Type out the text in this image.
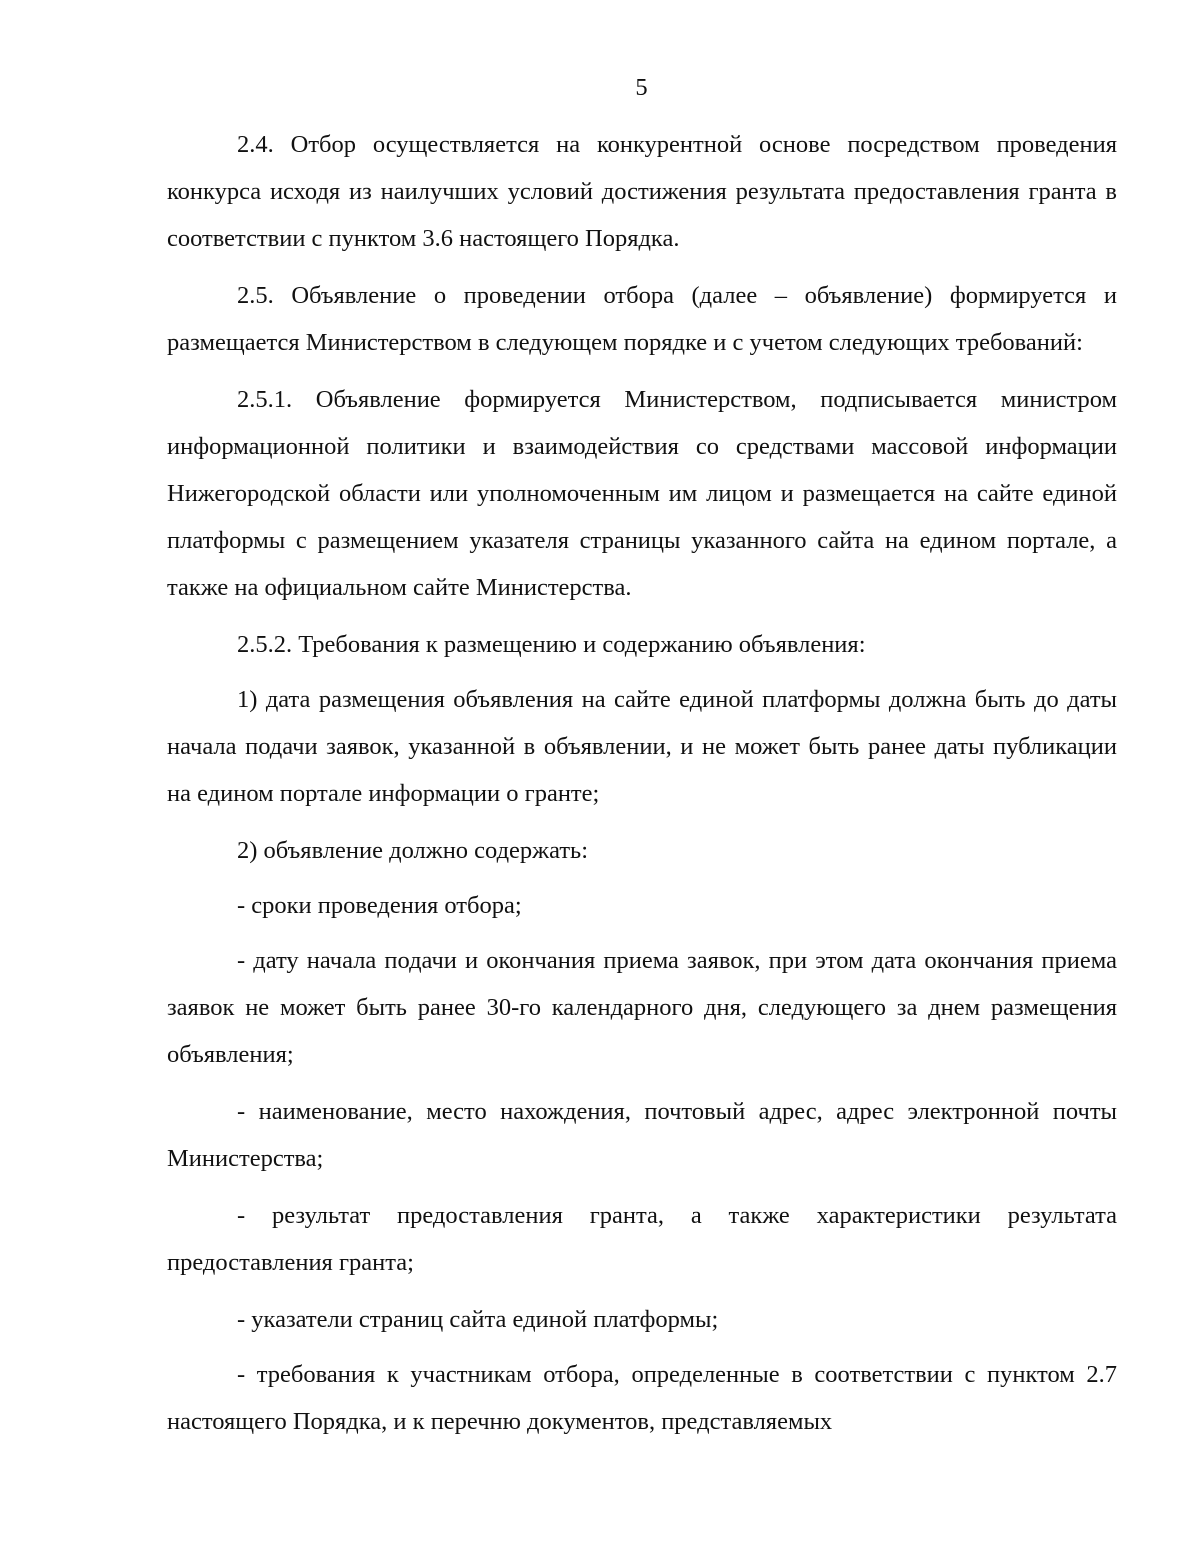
5

2.4. Отбор осуществляется на конкурентной основе посредством проведения конкурса исходя из наилучших условий достижения результата предоставления гранта в соответствии с пунктом 3.6 настоящего Порядка.

2.5. Объявление о проведении отбора (далее – объявление) формируется и размещается Министерством в следующем порядке и с учетом следующих требований:

2.5.1. Объявление формируется Министерством, подписывается министром информационной политики и взаимодействия со средствами массовой информации Нижегородской области или уполномоченным им лицом и размещается на сайте единой платформы с размещением указателя страницы указанного сайта на едином портале, а также на официальном сайте Министерства.

2.5.2. Требования к размещению и содержанию объявления:

1) дата размещения объявления на сайте единой платформы должна быть до даты начала подачи заявок, указанной в объявлении, и не может быть ранее даты публикации на едином портале информации о гранте;

2) объявление должно содержать:

- сроки проведения отбора;

- дату начала подачи и окончания приема заявок, при этом дата окончания приема заявок не может быть ранее 30-го календарного дня, следующего за днем размещения объявления;

- наименование, место нахождения, почтовый адрес, адрес электронной почты Министерства;

- результат предоставления гранта, а также характеристики результата предоставления гранта;

- указатели страниц сайта единой платформы;

- требования к участникам отбора, определенные в соответствии с пунктом 2.7 настоящего Порядка, и к перечню документов, представляемых
